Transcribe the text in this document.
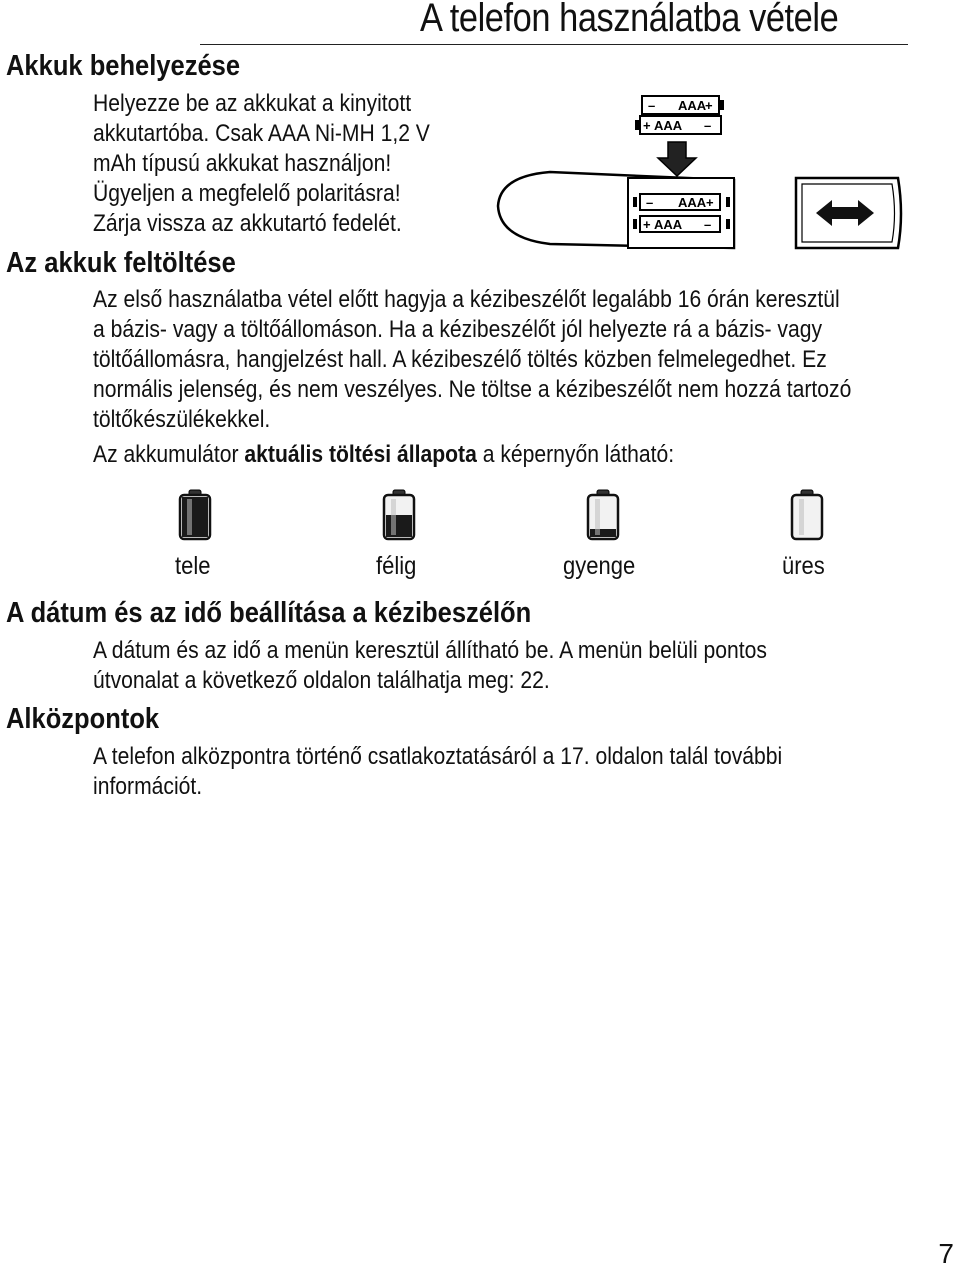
A telefon használatba vétele
Akkuk behelyezése
Helyezze be az akkukat a kinyitott
akkutartóba. Csak AAA Ni-MH 1,2 V
mAh típusú akkukat használjon!
Ügyeljen a megfelelő polaritásra!
Zárja vissza az akkutartó fedelét.
– AAA
+
+ AAA –
– AAA +
+ AAA –
Az akkuk feltöltése
Az első használatba vétel előtt hagyja a kézibeszélőt legalább 16 órán keresztül
a bázis- vagy a töltőállomáson. Ha a kézibeszélőt jól helyezte rá a bázis- vagy
töltőállomásra, hangjelzést hall. A kézibeszélő töltés közben felmelegedhet. Ez
normális jelenség, és nem veszélyes. Ne töltse a kézibeszélőt nem hozzá tartozó
töltőkészülékekkel.
Az akkumulátor aktuális töltési állapota a képernyőn látható:
tele	félig	gyenge	üres
A dátum és az idő beállítása a kézibeszélőn
A dátum és az idő a menün keresztül állítható be. A menün belüli pontos
útvonalat a következő oldalon találhatja meg: 22.
Alközpontok
A telefon alközpontra történő csatlakoztatásáról a 17. oldalon talál további
információt.
7
